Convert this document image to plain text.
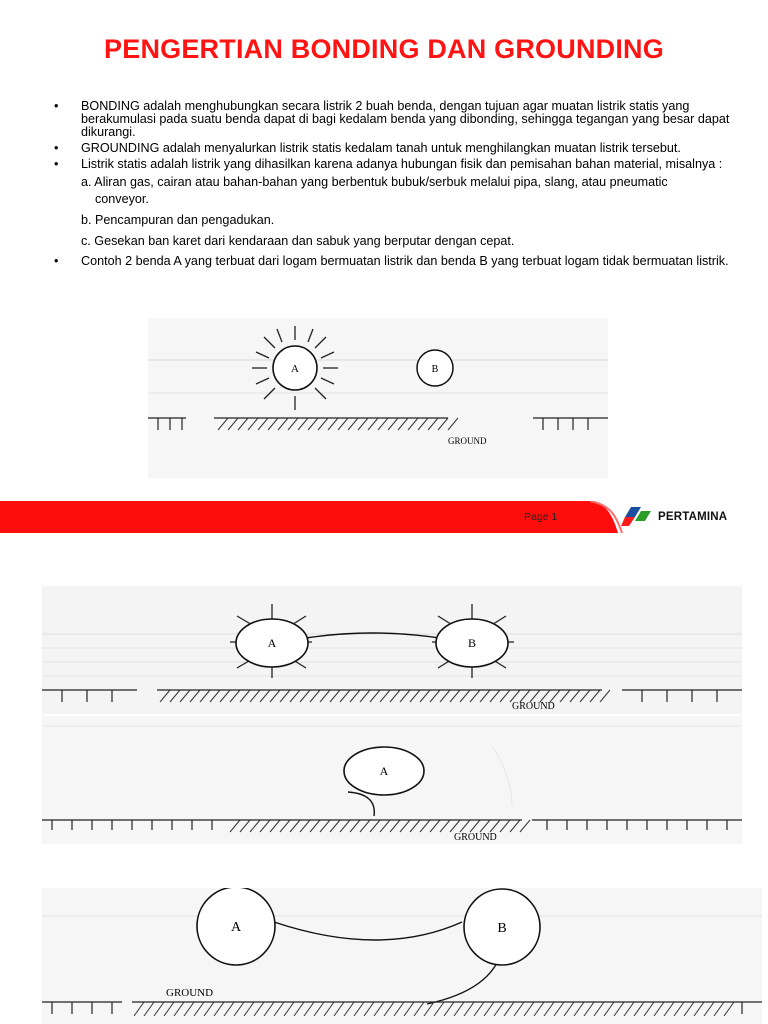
PENGERTIAN BONDING DAN GROUNDING
• BONDING adalah menghubungkan secara listrik 2 buah benda, dengan tujuan agar muatan listrik statis yang berakumulasi pada suatu benda dapat di bagi kedalam benda yang dibonding, sehingga tegangan yang besar dapat dikurangi.
• GROUNDING adalah menyalurkan listrik statis kedalam tanah untuk menghilangkan muatan listrik tersebut.
• Listrik statis adalah listrik yang dihasilkan karena adanya hubungan fisik dan pemisahan bahan material, misalnya :
a. Aliran gas, cairan atau bahan-bahan yang berbentuk bubuk/serbuk melalui pipa, slang, atau pneumatic
conveyor.
b. Pencampuran dan pengadukan.
c. Gesekan ban karet dari kendaraan dan sabuk yang berputar dengan cepat.
• Contoh 2 benda A yang terbuat dari logam bermuatan listrik dan benda B yang terbuat logam tidak bermuatan listrik.
A	B
GROUND
Page 1	PERTAMINA
A	B
GROUND
A
GROUND
A	B
GROUND
